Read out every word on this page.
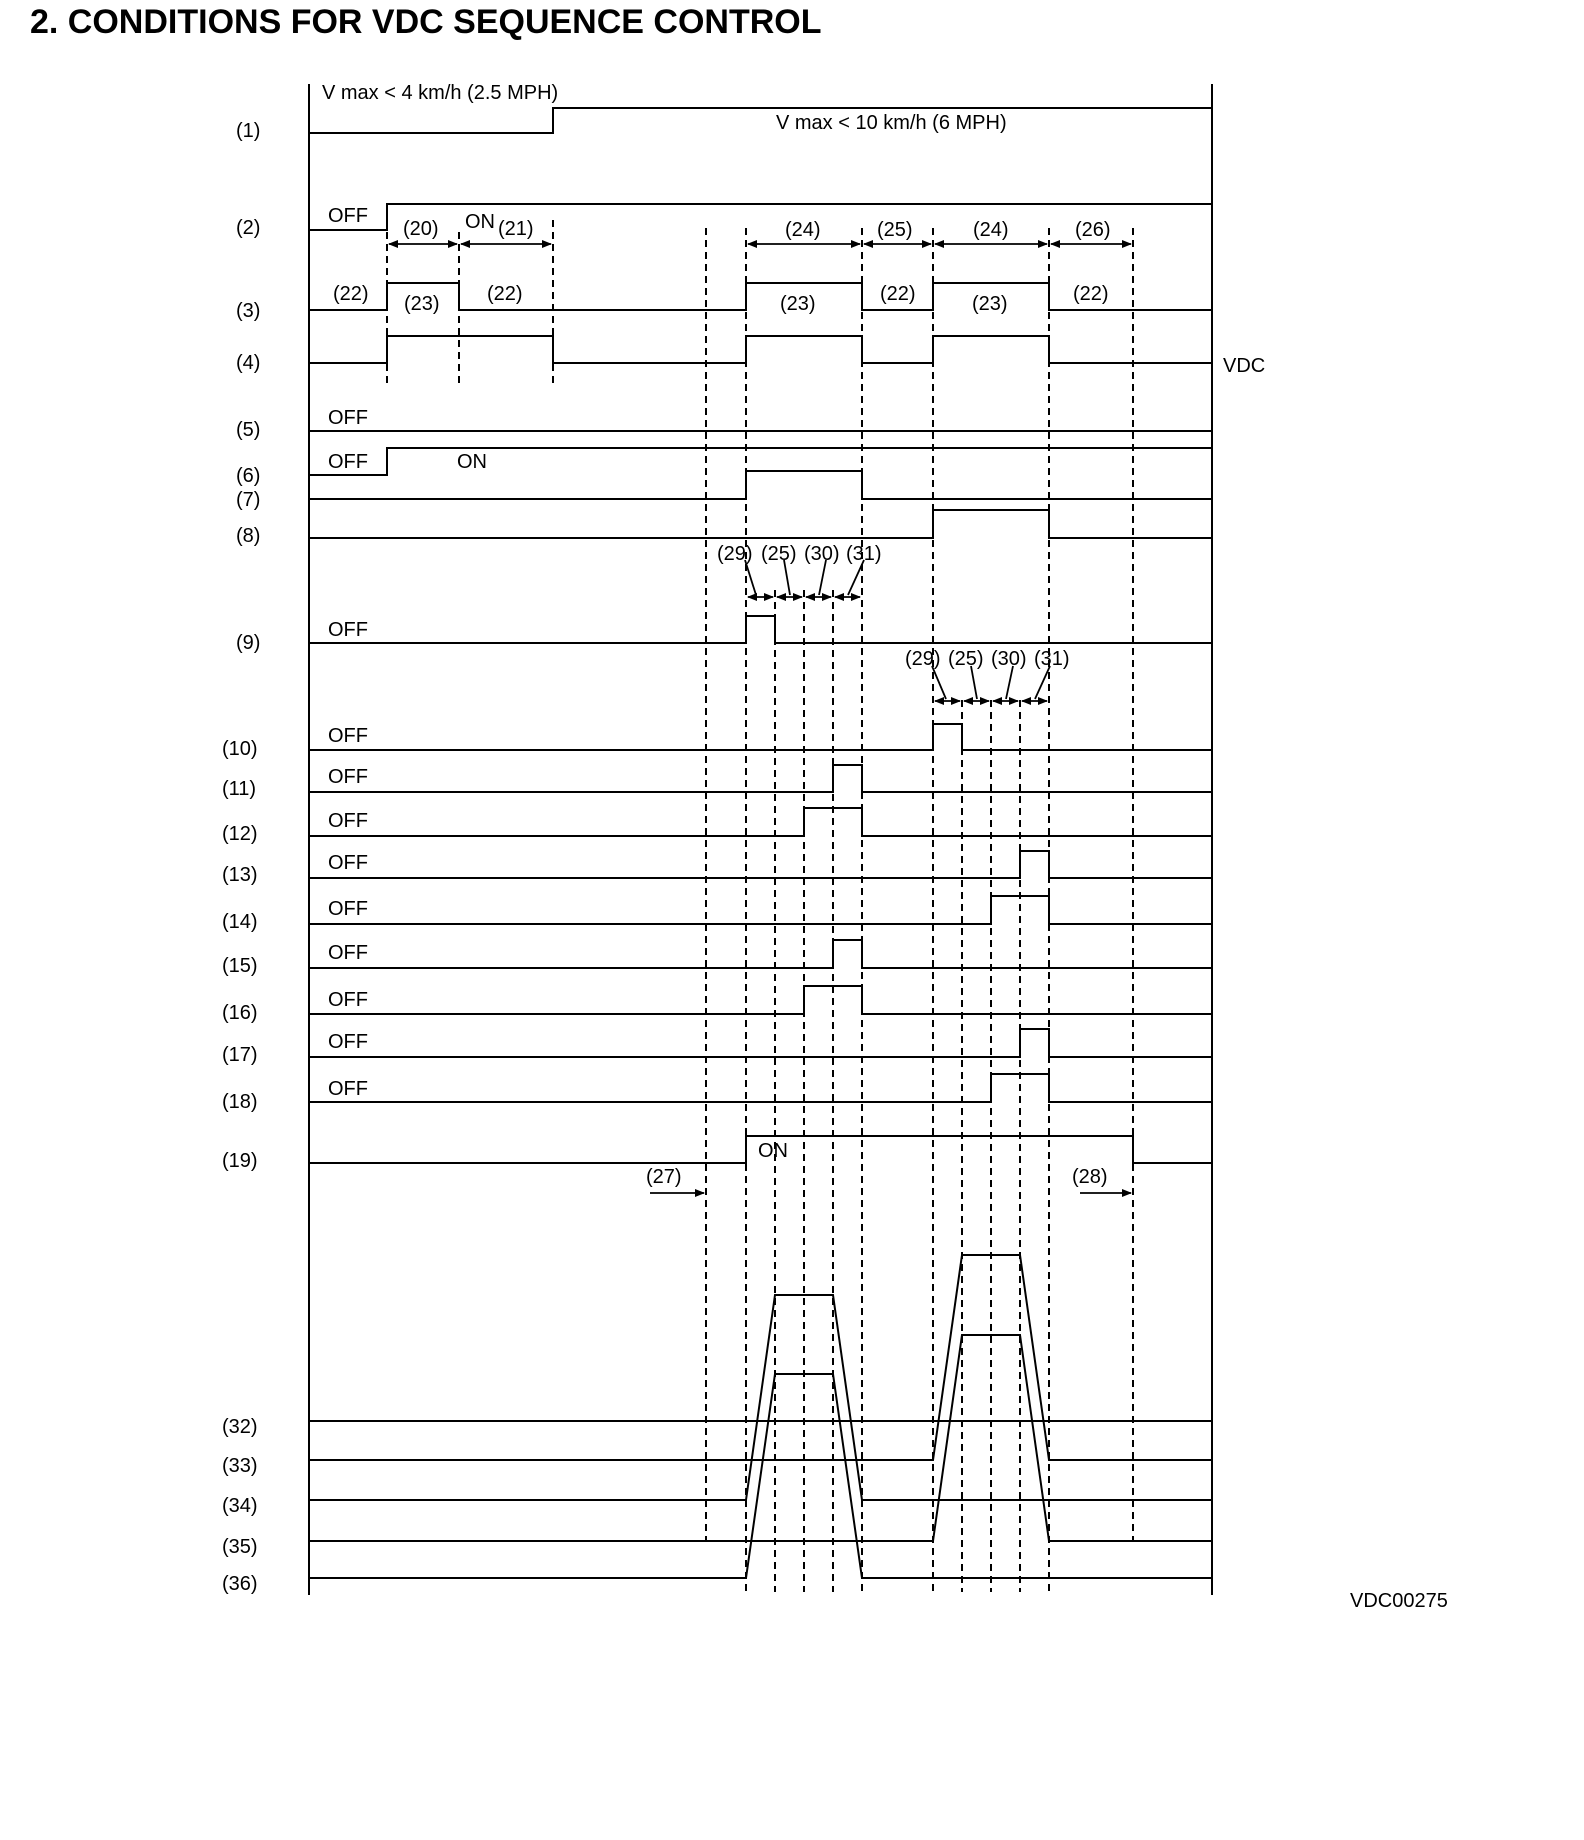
2. CONDITIONS FOR VDC SEQUENCE CONTROL
(1)
(2)
(3)
(4)
(5)
(6)
(7)
(8)
(9)
(10)
(11)
(12)
(13)
(14)
(15)
(16)
(17)
(18)
(19)
(32)
(33)
(34)
(35)
(36)
V max < 4 km/h (2.5 MPH)
V max < 10 km/h (6 MPH)
OFF	ON
(20)	(21)	(24)	(25)	(24)	(26)
(22) (23) (22)	(23)	(22)	(23)	(22)
VDC
OFF
OFF	ON
(29) (25) (30) (31)
OFF
(29) (25) (30) (31)
OFF
OFF
OFF
OFF
OFF
OFF
OFF
OFF
OFF
ON
(27)	(28)
VDC00275
